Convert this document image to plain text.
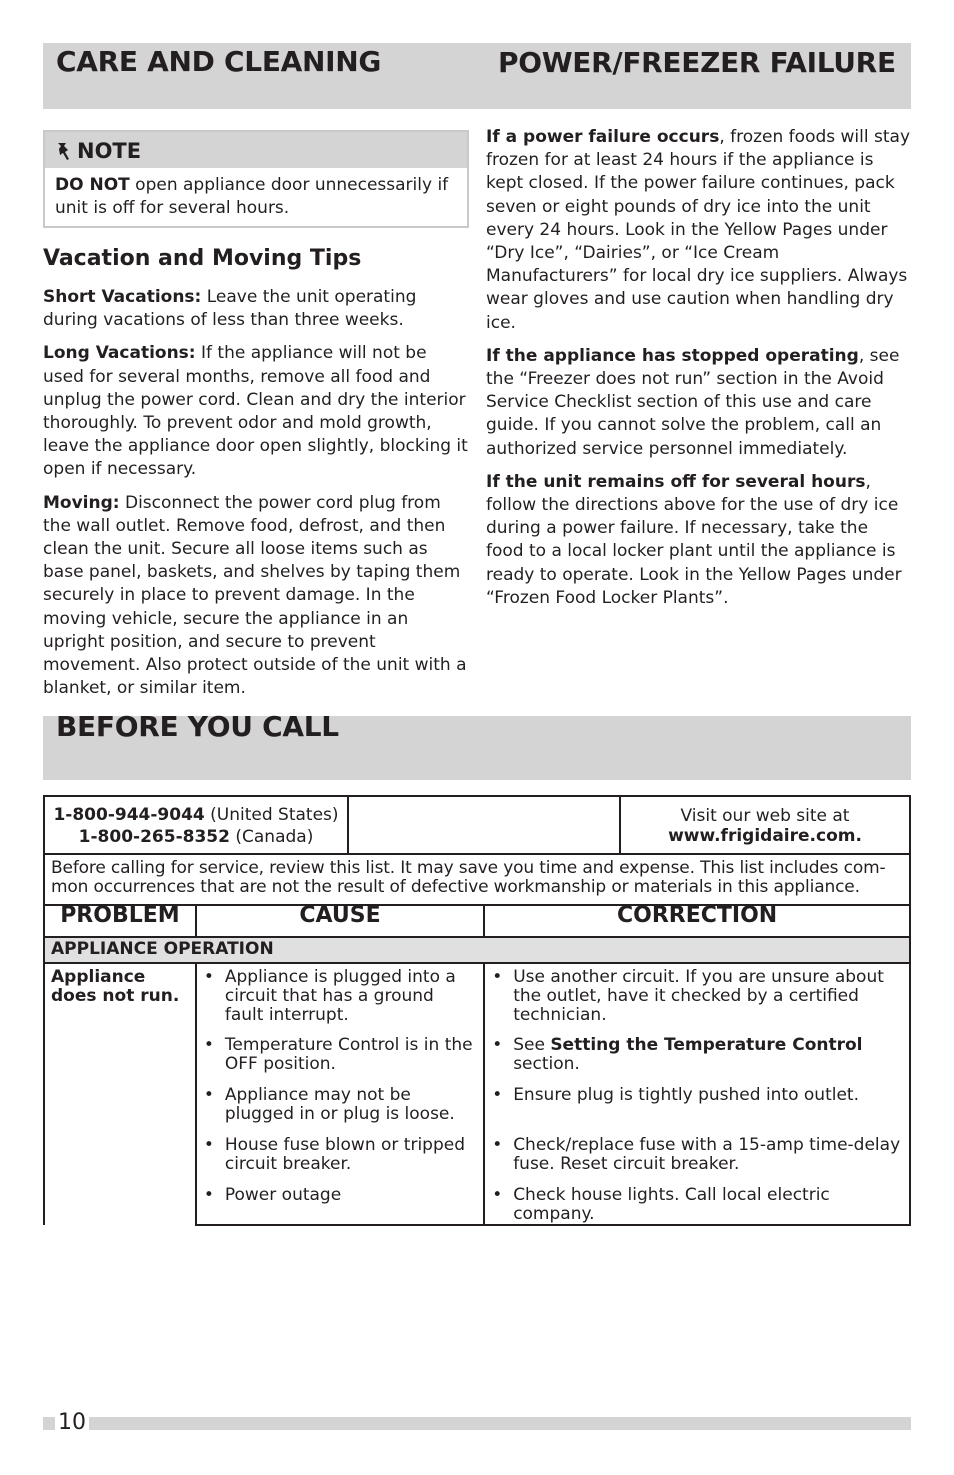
CARE AND CLEANING	POWER/FREEZER FAILURE
NOTE
DO NOT open appliance door unnecessarily if unit is off for several hours.
Vacation and Moving Tips

Short Vacations: Leave the unit operating during vacations of less than three weeks.

Long Vacations: If the appliance will not be used for several months, remove all food and unplug the power cord. Clean and dry the interior thoroughly. To prevent odor and mold growth, leave the appliance door open slightly, blocking it open if necessary.

Moving: Disconnect the power cord plug from the wall outlet. Remove food, defrost, and then clean the unit. Secure all loose items such as base panel, baskets, and shelves by taping them securely in place to prevent damage. In the moving vehicle, secure the appliance in an upright position, and secure to prevent movement. Also protect outside of the unit with a blanket, or similar item.

If a power failure occurs, frozen foods will stay frozen for at least 24 hours if the appliance is kept closed. If the power failure continues, pack seven or eight pounds of dry ice into the unit every 24 hours. Look in the Yellow Pages under “Dry Ice”, “Dairies”, or “Ice Cream Manufacturers” for local dry ice suppliers. Always wear gloves and use caution when handling dry ice.

If the appliance has stopped operating, see the “Freezer does not run” section in the Avoid Service Checklist section of this use and care guide. If you cannot solve the problem, call an authorized service personnel immediately.

If the unit remains off for several hours, follow the directions above for the use of dry ice during a power failure. If necessary, take the food to a local locker plant until the appliance is ready to operate. Look in the Yellow Pages under “Frozen Food Locker Plants”.

BEFORE YOU CALL
1-800-944-9044 (United States)
1-800-265-8352 (Canada)
Visit our web site at
www.frigidaire.com.
Before calling for service, review this list. It may save you time and expense. This list includes com- mon occurrences that are not the result of defective workmanship or materials in this appliance.
PROBLEM	CAUSE	CORRECTION
APPLIANCE OPERATION		
Appliance does not run.	• Appliance is plugged into a circuit that has a ground fault interrupt.	• Use another circuit. If you are unsure about the outlet, have it checked by a certified technician.

	• Temperature Control is in the OFF position.	• See Setting the Temperature Control section.

	• Appliance may not be plugged in or plug is loose.	• Ensure plug is tightly pushed into outlet.

	• House fuse blown or tripped circuit breaker.	• Check/replace fuse with a 15-amp time-delay fuse. Reset circuit breaker.

	• Power outage	• Check house lights. Call local electric company.
10
